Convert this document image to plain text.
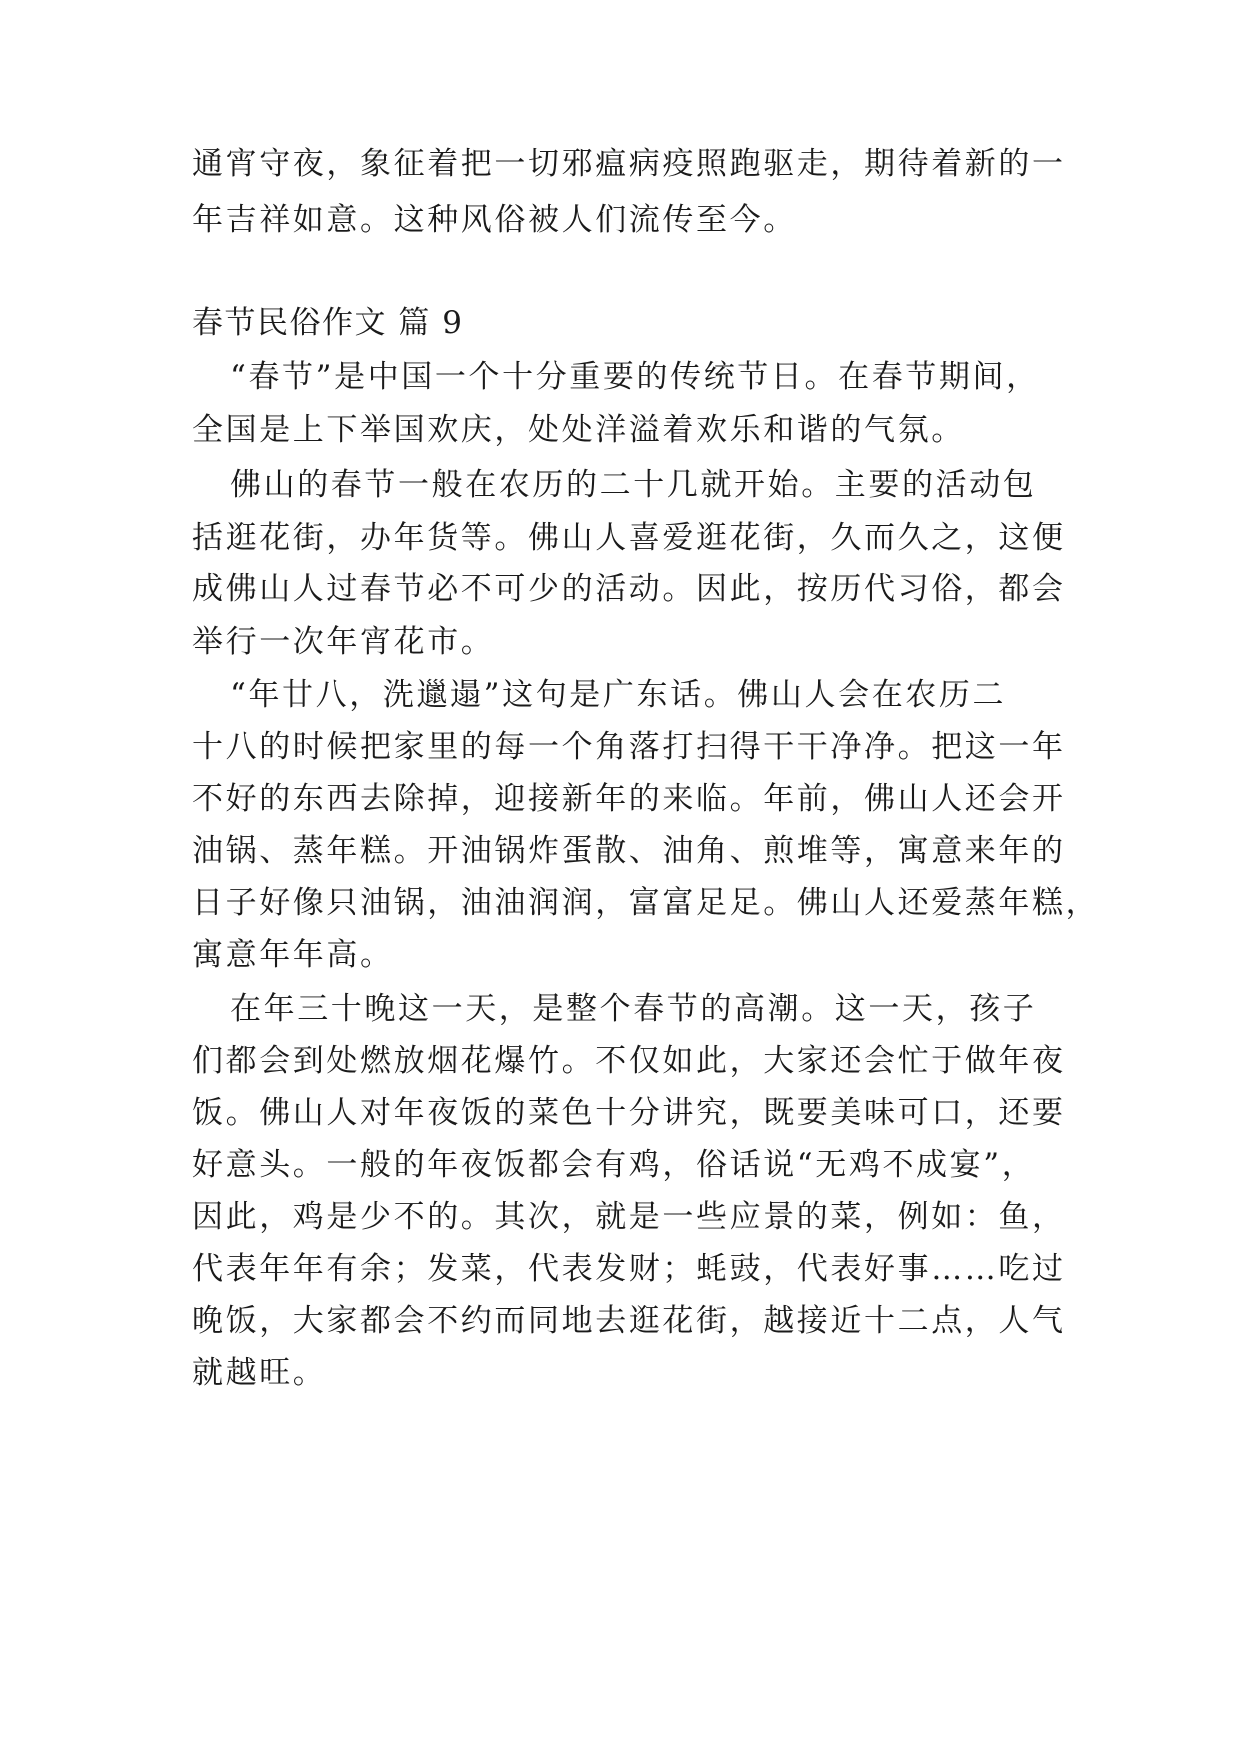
通宵守夜，象征着把一切邪瘟病疫照跑驱走，期待着新的一
年吉祥如意。这种风俗被人们流传至今。
春节民俗作文 篇 9
“春节”是中国一个十分重要的传统节日。在春节期间，
全国是上下举国欢庆，处处洋溢着欢乐和谐的气氛。
佛山的春节一般在农历的二十几就开始。主要的活动包
括逛花街，办年货等。佛山人喜爱逛花街，久而久之，这便
成佛山人过春节必不可少的活动。因此，按历代习俗，都会
举行一次年宵花市。
“年廿八，洗邋遢”这句是广东话。佛山人会在农历二
十八的时候把家里的每一个角落打扫得干干净净。把这一年
不好的东西去除掉，迎接新年的来临。年前，佛山人还会开
油锅、蒸年糕。开油锅炸蛋散、油角、煎堆等，寓意来年的
日子好像只油锅，油油润润，富富足足。佛山人还爱蒸年糕，
寓意年年高。
在年三十晚这一天，是整个春节的高潮。这一天，孩子
们都会到处燃放烟花爆竹。不仅如此，大家还会忙于做年夜
饭。佛山人对年夜饭的菜色十分讲究，既要美味可口，还要
好意头。一般的年夜饭都会有鸡，俗话说“无鸡不成宴”，
因此，鸡是少不的。其次，就是一些应景的菜，例如：鱼，
代表年年有余；发菜，代表发财；蚝豉，代表好事……吃过
晚饭，大家都会不约而同地去逛花街，越接近十二点，人气
就越旺。
